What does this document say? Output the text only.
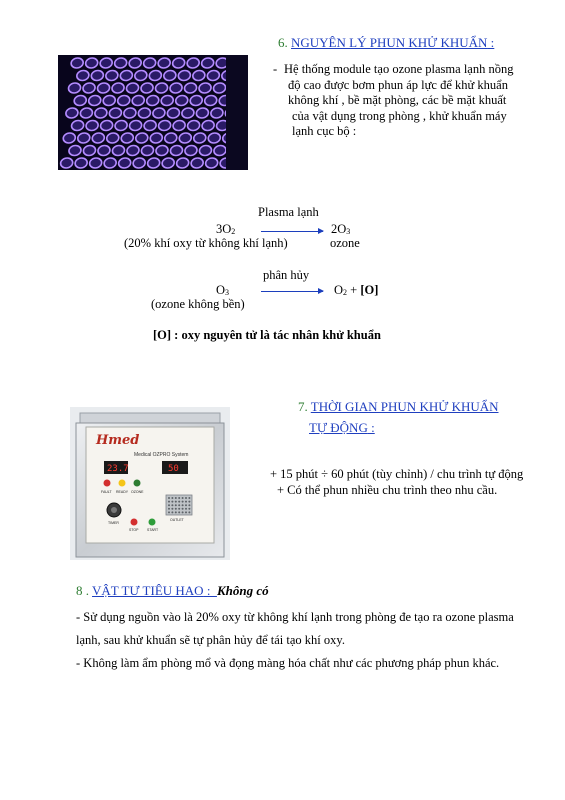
6. NGUYÊN LÝ PHUN KHỬ KHUẨN :
- Hệ thống module tạo ozone plasma lạnh nồng
độ cao được bơm phun áp lực để khử khuẩn
không khí , bề mặt phòng, các bề mặt khuất
của vật dụng trong phòng , khử khuẩn máy
lạnh cục bộ :
Plasma lạnh
$3O_2 \to 2O_3$
(20% khí oxy từ không khí lạnh)	ozone
phân hủy
$O_3 \to O_2 + [O]$
(ozone không bền)
[O] : oxy nguyên tử là tác nhân khử khuẩn
Hmed
Medical OZPRO System
23.7	50
FAULT READY OZONE
TIMER
OUTLET
STOP START
7. THỜI GIAN PHUN KHỬ KHUẨN
TỰ ĐỘNG :
+ 15 phút ÷ 60 phút (tùy chỉnh) / chu trình tự động
+ Có thể phun nhiều chu trình theo nhu cầu.
8 . VẬT TƯ TIÊU HAO :  Không có
- Sử dụng nguồn vào là 20% oxy từ không khí lạnh trong phòng đe tạo ra ozone plasma
lạnh, sau khử khuẩn sẽ tự phân hủy để tái tạo khí oxy.
- Không làm ẩm phòng mổ và đọng màng hóa chất như các phương pháp phun khác.
